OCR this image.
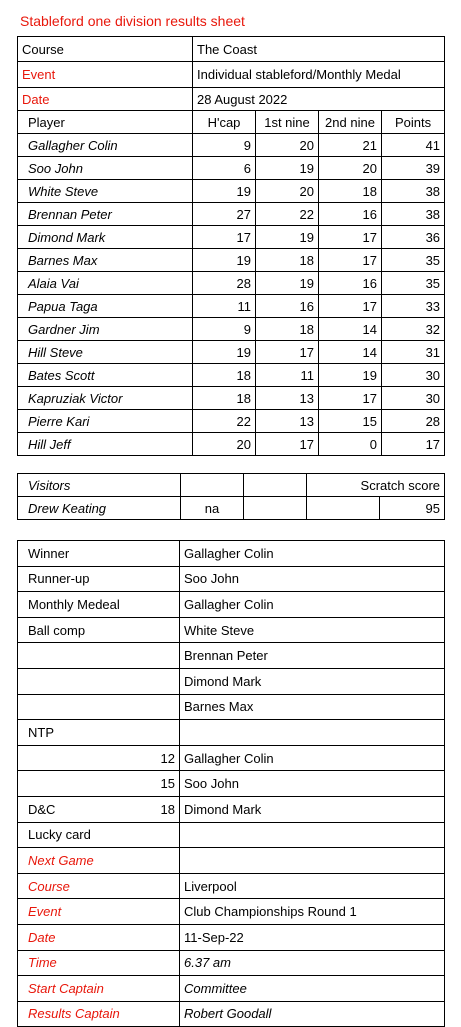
Stableford one division results sheet
Course	The Coast			
Event	Individual stableford/Monthly Medal			
Date	28 August 2022			
Player	H'cap	1st nine	2nd nine	Points
Gallagher Colin	9	20	21	41
Soo John	6	19	20	39
White Steve	19	20	18	38
Brennan Peter	27	22	16	38
Dimond Mark	17	19	17	36
Barnes Max	19	18	17	35
Alaia Vai	28	19	16	35
Papua Taga	11	16	17	33
Gardner Jim	9	18	14	32
Hill Steve	19	17	14	31
Bates Scott	18	11	19	30
Kapruziak Victor	18	13	17	30
Pierre Kari	22	13	15	28
Hill Jeff	20	17	0	17
Visitors			Scratch score	
Drew Keating	na			95
Winner		Gallagher Colin
Runner-up		Soo John
Monthly Medeal		Gallagher Colin
Ball comp		White Steve
		Brennan Peter
		Dimond Mark
		Barnes Max
NTP		
	12	Gallagher Colin
	15	Soo John
D&C	18	Dimond Mark
Lucky card		
Next Game		
Course		Liverpool
Event		Club Championships Round 1
Date		11-Sep-22
Time		6.37 am
Start Captain		Committee
Results Captain		Robert Goodall
